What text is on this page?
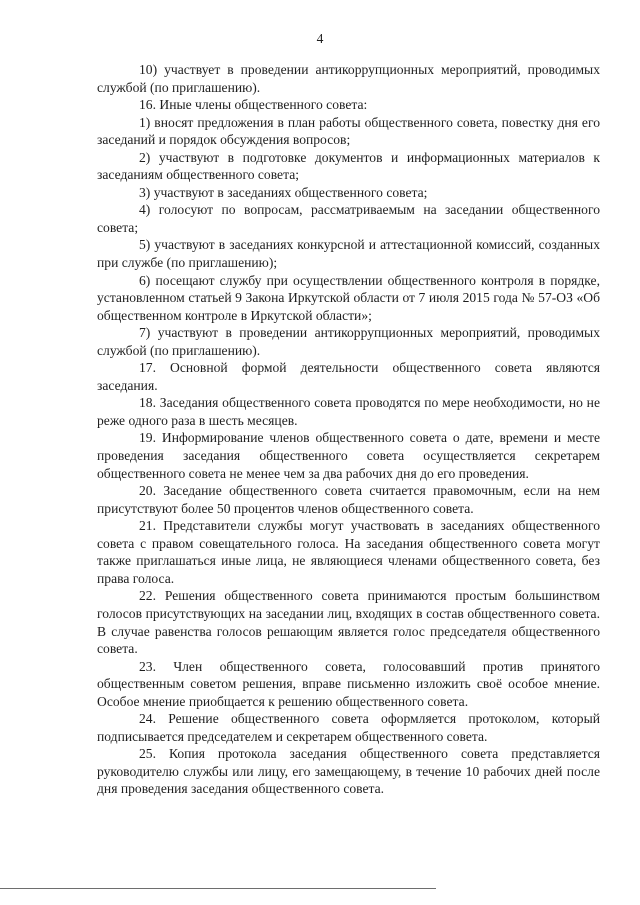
4

10) участвует в проведении антикоррупционных мероприятий, проводимых службой (по приглашению).

16. Иные члены общественного совета:

1) вносят предложения в план работы общественного совета, повестку дня его заседаний и порядок обсуждения вопросов;

2) участвуют в подготовке документов и информационных материалов к заседаниям общественного совета;

3) участвуют в заседаниях общественного совета;

4) голосуют по вопросам, рассматриваемым на заседании общественного совета;

5) участвуют в заседаниях конкурсной и аттестационной комиссий, созданных при службе (по приглашению);

6) посещают службу при осуществлении общественного контроля в порядке, установленном статьей 9 Закона Иркутской области от 7 июля 2015 года № 57-ОЗ «Об общественном контроле в Иркутской области»;

7) участвуют в проведении антикоррупционных мероприятий, проводимых службой (по приглашению).

17. Основной формой деятельности общественного совета являются заседания.

18. Заседания общественного совета проводятся по мере необходимости, но не реже одного раза в шесть месяцев.

19. Информирование членов общественного совета о дате, времени и месте проведения заседания общественного совета осуществляется секретарем общественного совета не менее чем за два рабочих дня до его проведения.

20. Заседание общественного совета считается правомочным, если на нем присутствуют более 50 процентов членов общественного совета.

21. Представители службы могут участвовать в заседаниях общественного совета с правом совещательного голоса. На заседания общественного совета могут также приглашаться иные лица, не являющиеся членами общественного совета, без права голоса.

22. Решения общественного совета принимаются простым большинством голосов присутствующих на заседании лиц, входящих в состав общественного совета. В случае равенства голосов решающим является голос председателя общественного совета.

23. Член общественного совета, голосовавший против принятого общественным советом решения, вправе письменно изложить своё особое мнение. Особое мнение приобщается к решению общественного совета.

24. Решение общественного совета оформляется протоколом, который подписывается председателем и секретарем общественного совета.

25. Копия протокола заседания общественного совета представляется руководителю службы или лицу, его замещающему, в течение 10 рабочих дней после дня проведения заседания общественного совета.
